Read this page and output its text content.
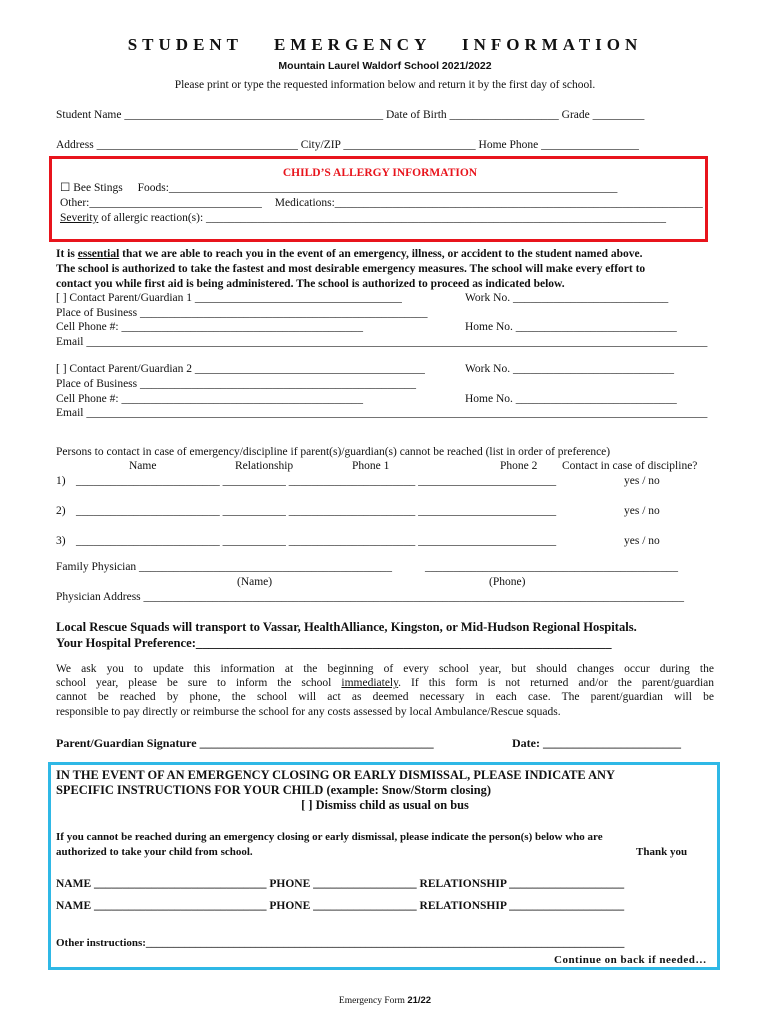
STUDENT EMERGENCY INFORMATION
Mountain Laurel Waldorf School 2021/2022
Please print or type the requested information below and return it by the first day of school.
Student Name _____________________________________________ Date of Birth ___________________ Grade _________
Address ___________________________________ City/ZIP _______________________ Home Phone _________________
CHILD’S ALLERGY INFORMATION
☐ Bee Stings Foods:______________________________________________________________________________
Other:______________________________ Medications:________________________________________________________________
Severity of allergic reaction(s): ________________________________________________________________________________
It is essential that we are able to reach you in the event of an emergency, illness, or accident to the student named above.
The school is authorized to take the fastest and most desirable emergency measures. The school will make every effort to
contact you while first aid is being administered. The school is authorized to proceed as indicated below.
[ ] Contact Parent/Guardian 1 ____________________________________	Work No. ___________________________
Place of Business __________________________________________________
Cell Phone #: __________________________________________	Home No. ____________________________
Email ____________________________________________________________________________________________________________
[ ] Contact Parent/Guardian 2 ________________________________________	Work No. ____________________________
Place of Business ________________________________________________
Cell Phone #: __________________________________________	Home No. ____________________________
Email ____________________________________________________________________________________________________________
Persons to contact in case of emergency/discipline if parent(s)/guardian(s) cannot be reached (list in order of preference)
Name	Relationship	Phone 1	Phone 2 Contact in case of discipline?
1) _________________________ ___________ ______________________ ________________________	yes / no
2) _________________________ ___________ ______________________ ________________________	yes / no
3) _________________________ ___________ ______________________ ________________________	yes / no
Family Physician ____________________________________________	____________________________________________
(Name)	(Phone)
Physician Address ______________________________________________________________________________________________
Local Rescue Squads will transport to Vassar, HealthAlliance, Kingston, or Mid-Hudson Regional Hospitals.
Your Hospital Preference:__________________________________________________________________
We ask you to update this information at the beginning of every school year, but should changes occur during the
school year, please be sure to inform the school immediately. If this form is not returned and/or the parent/guardian
cannot be reached by phone, the school will act as deemed necessary in each case. The parent/guardian will be
responsible to pay directly or reimburse the school for any costs assessed by local Ambulance/Rescue squads.
Parent/Guardian Signature _______________________________________	Date: _______________________
IN THE EVENT OF AN EMERGENCY CLOSING OR EARLY DISMISSAL, PLEASE INDICATE ANY
SPECIFIC INSTRUCTIONS FOR YOUR CHILD (example: Snow/Storm closing)
[ ] Dismiss child as usual on bus
If you cannot be reached during an emergency closing or early dismissal, please indicate the person(s) below who are
authorized to take your child from school.	Thank you
NAME ______________________________ PHONE __________________ RELATIONSHIP ____________________
NAME ______________________________ PHONE __________________ RELATIONSHIP ____________________
Other instructions:_______________________________________________________________________________________
Continue on back if needed…
Emergency Form 21/22
